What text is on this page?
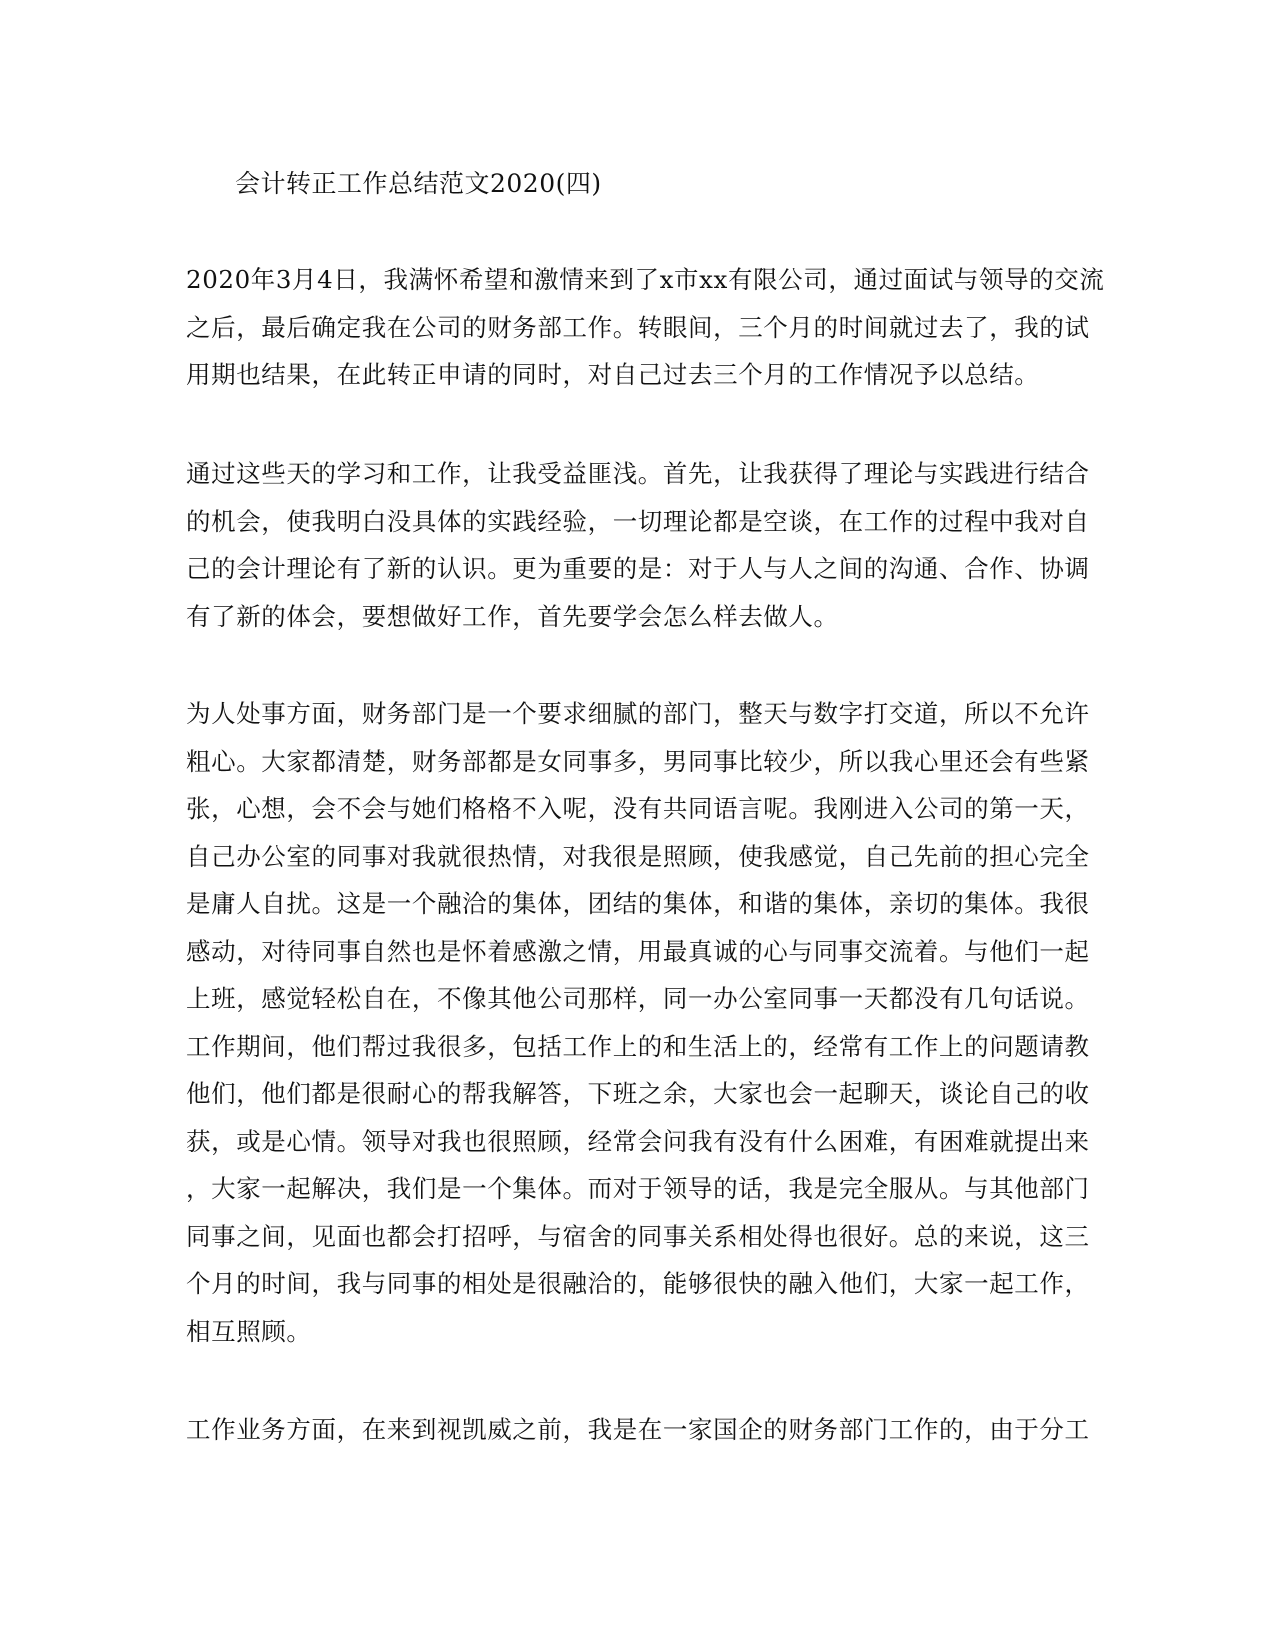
会计转正工作总结范文2020(四)
2020年3月4日，我满怀希望和激情来到了x市xx有限公司，通过面试与领导的交流
之后，最后确定我在公司的财务部工作。转眼间，三个月的时间就过去了，我的试
用期也结果，在此转正申请的同时，对自己过去三个月的工作情况予以总结。
通过这些天的学习和工作，让我受益匪浅。首先，让我获得了理论与实践进行结合
的机会，使我明白没具体的实践经验，一切理论都是空谈，在工作的过程中我对自
己的会计理论有了新的认识。更为重要的是：对于人与人之间的沟通、合作、协调
有了新的体会，要想做好工作，首先要学会怎么样去做人。
为人处事方面，财务部门是一个要求细腻的部门，整天与数字打交道，所以不允许
粗心。大家都清楚，财务部都是女同事多，男同事比较少，所以我心里还会有些紧
张，心想，会不会与她们格格不入呢，没有共同语言呢。我刚进入公司的第一天，
自己办公室的同事对我就很热情，对我很是照顾，使我感觉，自己先前的担心完全
是庸人自扰。这是一个融洽的集体，团结的集体，和谐的集体，亲切的集体。我很
感动，对待同事自然也是怀着感激之情，用最真诚的心与同事交流着。与他们一起
上班，感觉轻松自在，不像其他公司那样，同一办公室同事一天都没有几句话说。
工作期间，他们帮过我很多，包括工作上的和生活上的，经常有工作上的问题请教
他们，他们都是很耐心的帮我解答，下班之余，大家也会一起聊天，谈论自己的收
获，或是心情。领导对我也很照顾，经常会问我有没有什么困难，有困难就提出来
，大家一起解决，我们是一个集体。而对于领导的话，我是完全服从。与其他部门
同事之间，见面也都会打招呼，与宿舍的同事关系相处得也很好。总的来说，这三
个月的时间，我与同事的相处是很融洽的，能够很快的融入他们，大家一起工作，
相互照顾。
工作业务方面，在来到视凯威之前，我是在一家国企的财务部门工作的，由于分工
